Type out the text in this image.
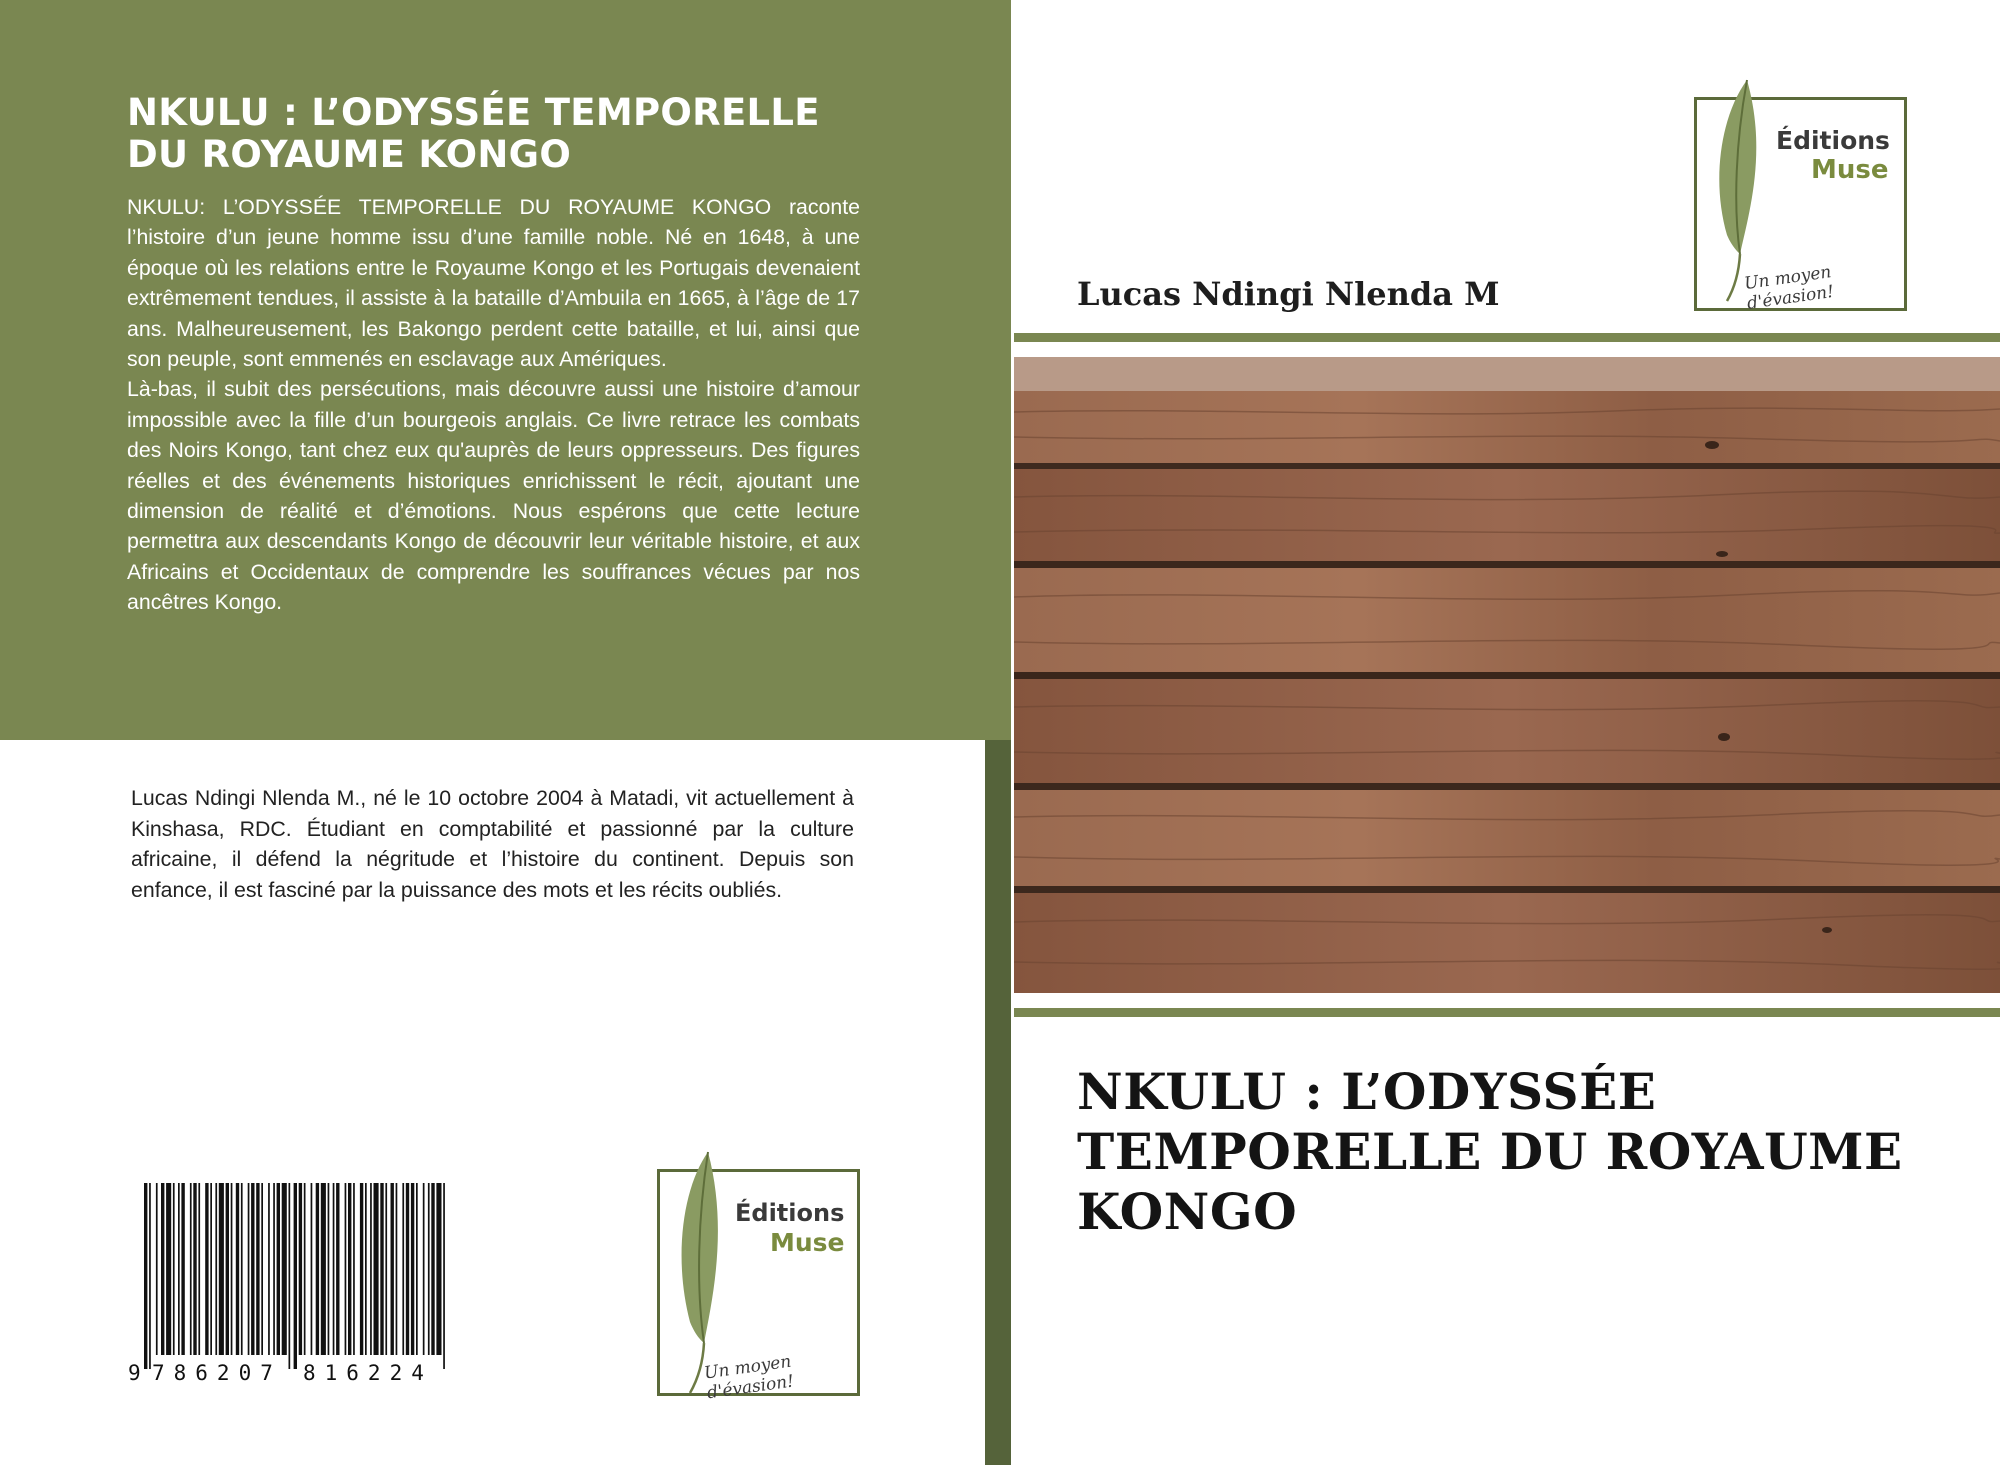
NKULU : L’ODYSSÉE TEMPORELLE DU ROYAUME KONGO

NKULU: L’ODYSSÉE TEMPORELLE DU ROYAUME KONGO raconte l’histoire d’un jeune homme issu d’une famille noble. Né en 1648, à une époque où les relations entre le Royaume Kongo et les Portugais devenaient extrêmement tendues, il assiste à la bataille d’Ambuila en 1665, à l’âge de 17 ans. Malheureusement, les Bakongo perdent cette bataille, et lui, ainsi que son peuple, sont emmenés en esclavage aux Amériques.

Là-bas, il subit des persécutions, mais découvre aussi une histoire d’amour impossible avec la fille d’un bourgeois anglais. Ce livre retrace les combats des Noirs Kongo, tant chez eux qu'auprès de leurs oppresseurs. Des figures réelles et des événements historiques enrichissent le récit, ajoutant une dimension de réalité et d’émotions. Nous espérons que cette lecture permettra aux descendants Kongo de découvrir leur véritable histoire, et aux Africains et Occidentaux de comprendre les souffrances vécues par nos ancêtres Kongo.

Lucas Ndingi Nlenda M., né le 10 octobre 2004 à Matadi, vit actuellement à Kinshasa, RDC. Étudiant en comptabilité et passionné par la culture africaine, il défend la négritude et l’histoire du continent. Depuis son enfance, il est fasciné par la puissance des mots et les récits oubliés.
9 786207 816224
Éditions
Muse
Un moyen d'évasion!
Éditions
Muse
Un moyen d'évasion!
Lucas Ndingi Nlenda M
NKULU : L’ODYSSÉE TEMPORELLE DU ROYAUME KONGO
